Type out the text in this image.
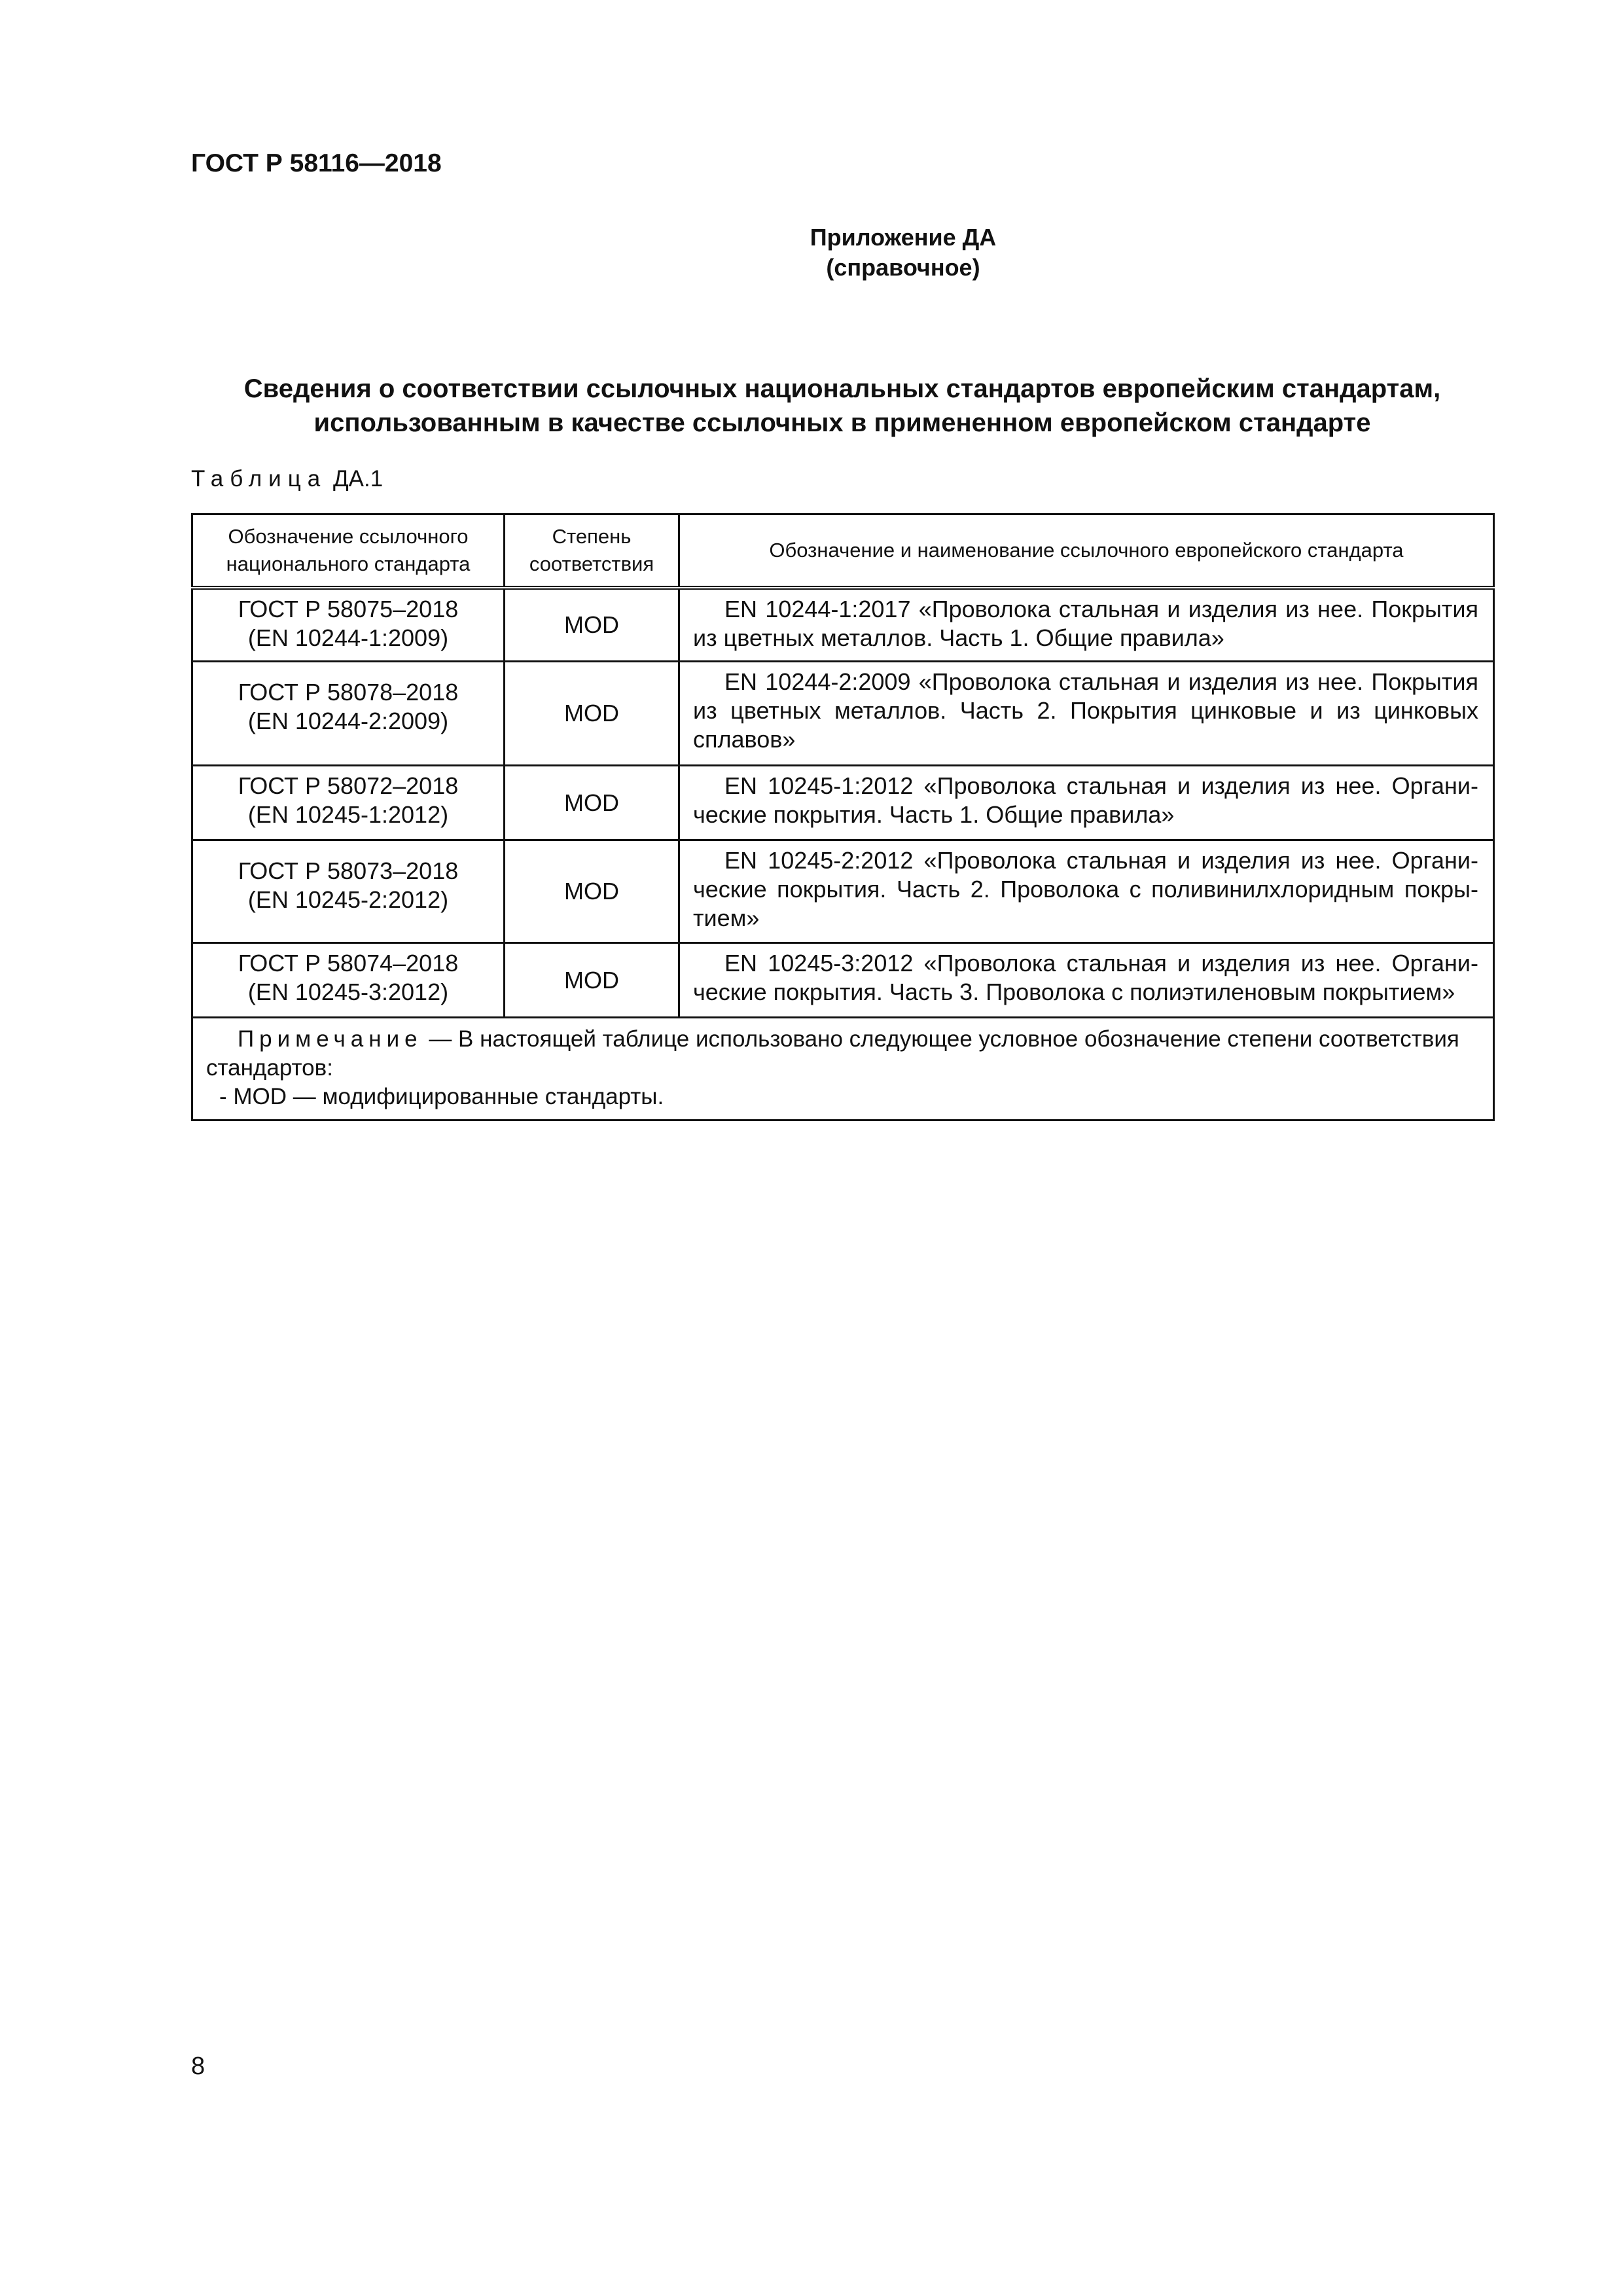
ГОСТ Р 58116—2018
Приложение ДА
(справочное)
Сведения о соответствии ссылочных национальных стандартов европейским стандартам,
использованным в качестве ссылочных в примененном европейском стандарте
Таблица ДА.1
Обозначение ссылочного национального стандарта	Степень соответствия	Обозначение и наименование ссылочного европейского стандарта

ГОСТ Р 58075–2018
(EN 10244-1:2009)	MOD	EN 10244-1:2017 «Проволока стальная и изделия из нее. Покрытия из цветных металлов. Часть 1. Общие правила»

ГОСТ Р 58078–2018
(EN 10244-2:2009)	MOD	EN 10244-2:2009 «Проволока стальная и изделия из нее. Покрытия из цветных металлов. Часть 2. Покрытия цинковые и из цинковых сплавов»

ГОСТ Р 58072–2018
(EN 10245-1:2012)	MOD	EN 10245-1:2012 «Проволока стальная и изделия из нее. Органические покрытия. Часть 1. Общие правила»

ГОСТ Р 58073–2018
(EN 10245-2:2012)	MOD	EN 10245-2:2012 «Проволока стальная и изделия из нее. Органические покрытия. Часть 2. Проволока с поливинилхлоридным покрытием»

ГОСТ Р 58074–2018
(EN 10245-3:2012)	MOD	EN 10245-3:2012 «Проволока стальная и изделия из нее. Органические покрытия. Часть 3. Проволока с полиэтиленовым покрытием»

Примечание — В настоящей таблице использовано следующее условное обозначение степени соответствия стандартов:
- MOD — модифицированные стандарты.		
8
